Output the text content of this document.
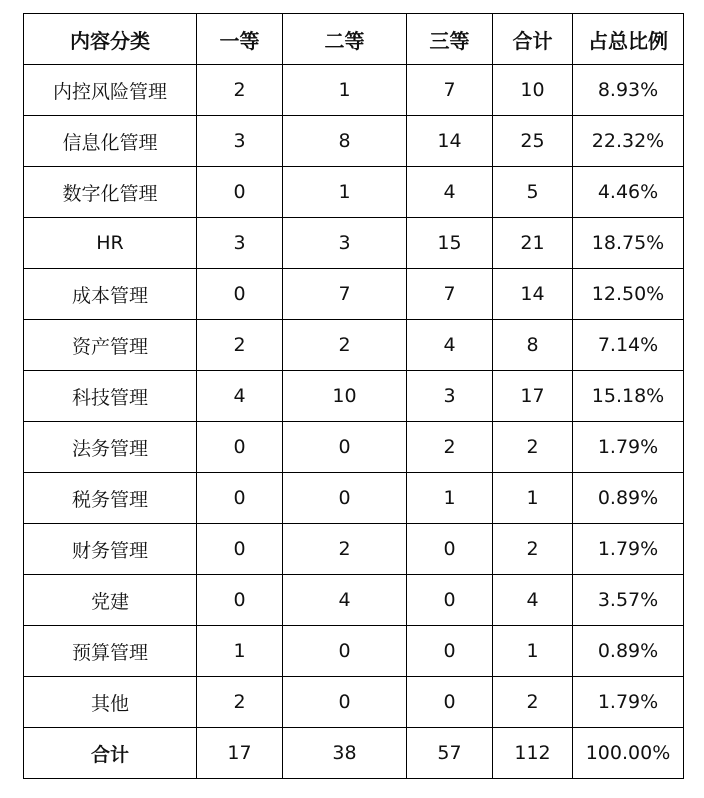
内容分类	一等	二等	三等	合计	占总比例
内控风险管理	2	1	7	10	8.93%
信息化管理	3	8	14	25	22.32%
数字化管理	0	1	4	5	4.46%
HR	3	3	15	21	18.75%
成本管理	0	7	7	14	12.50%
资产管理	2	2	4	8	7.14%
科技管理	4	10	3	17	15.18%
法务管理	0	0	2	2	1.79%
税务管理	0	0	1	1	0.89%
财务管理	0	2	0	2	1.79%
党建	0	4	0	4	3.57%
预算管理	1	0	0	1	0.89%
其他	2	0	0	2	1.79%
合计	17	38	57	112	100.00%
